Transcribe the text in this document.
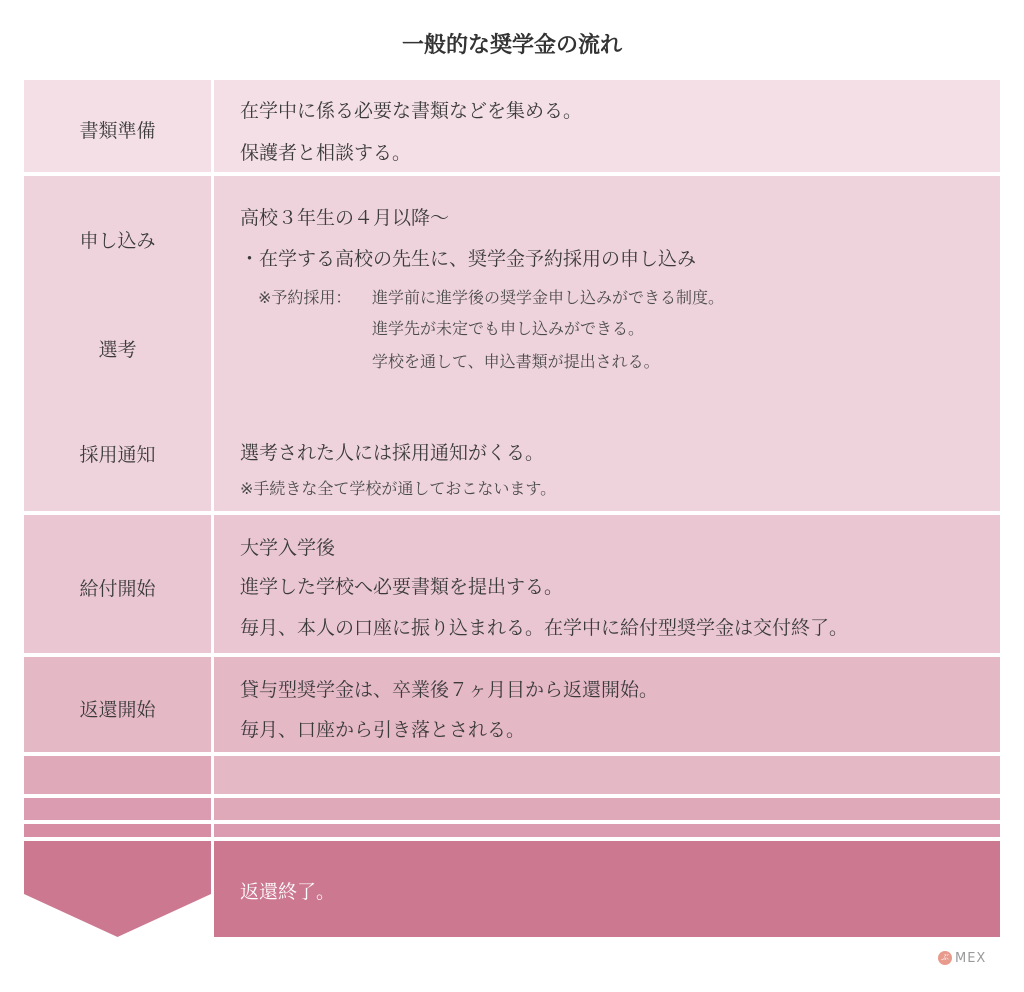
一般的な奨学金の流れ
書類準備
在学中に係る必要な書類などを集める。
保護者と相談する。
申し込み
選考
採用通知
高校３年生の４月以降〜
・在学する高校の先生に、奨学金予約採用の申し込み
※予約採用： 進学前に進学後の奨学金申し込みができる制度。
進学先が未定でも申し込みができる。
学校を通して、申込書類が提出される。
選考された人には採用通知がくる。
※手続きな全て学校が通しておこないます。
給付開始
大学入学後
進学した学校へ必要書類を提出する。
毎月、本人の口座に振り込まれる。在学中に給付型奨学金は交付終了。
返還開始
貸与型奨学金は、卒業後７ヶ月目から返還開始。
毎月、口座から引き落とされる。
返還終了。
ぶ MEX
